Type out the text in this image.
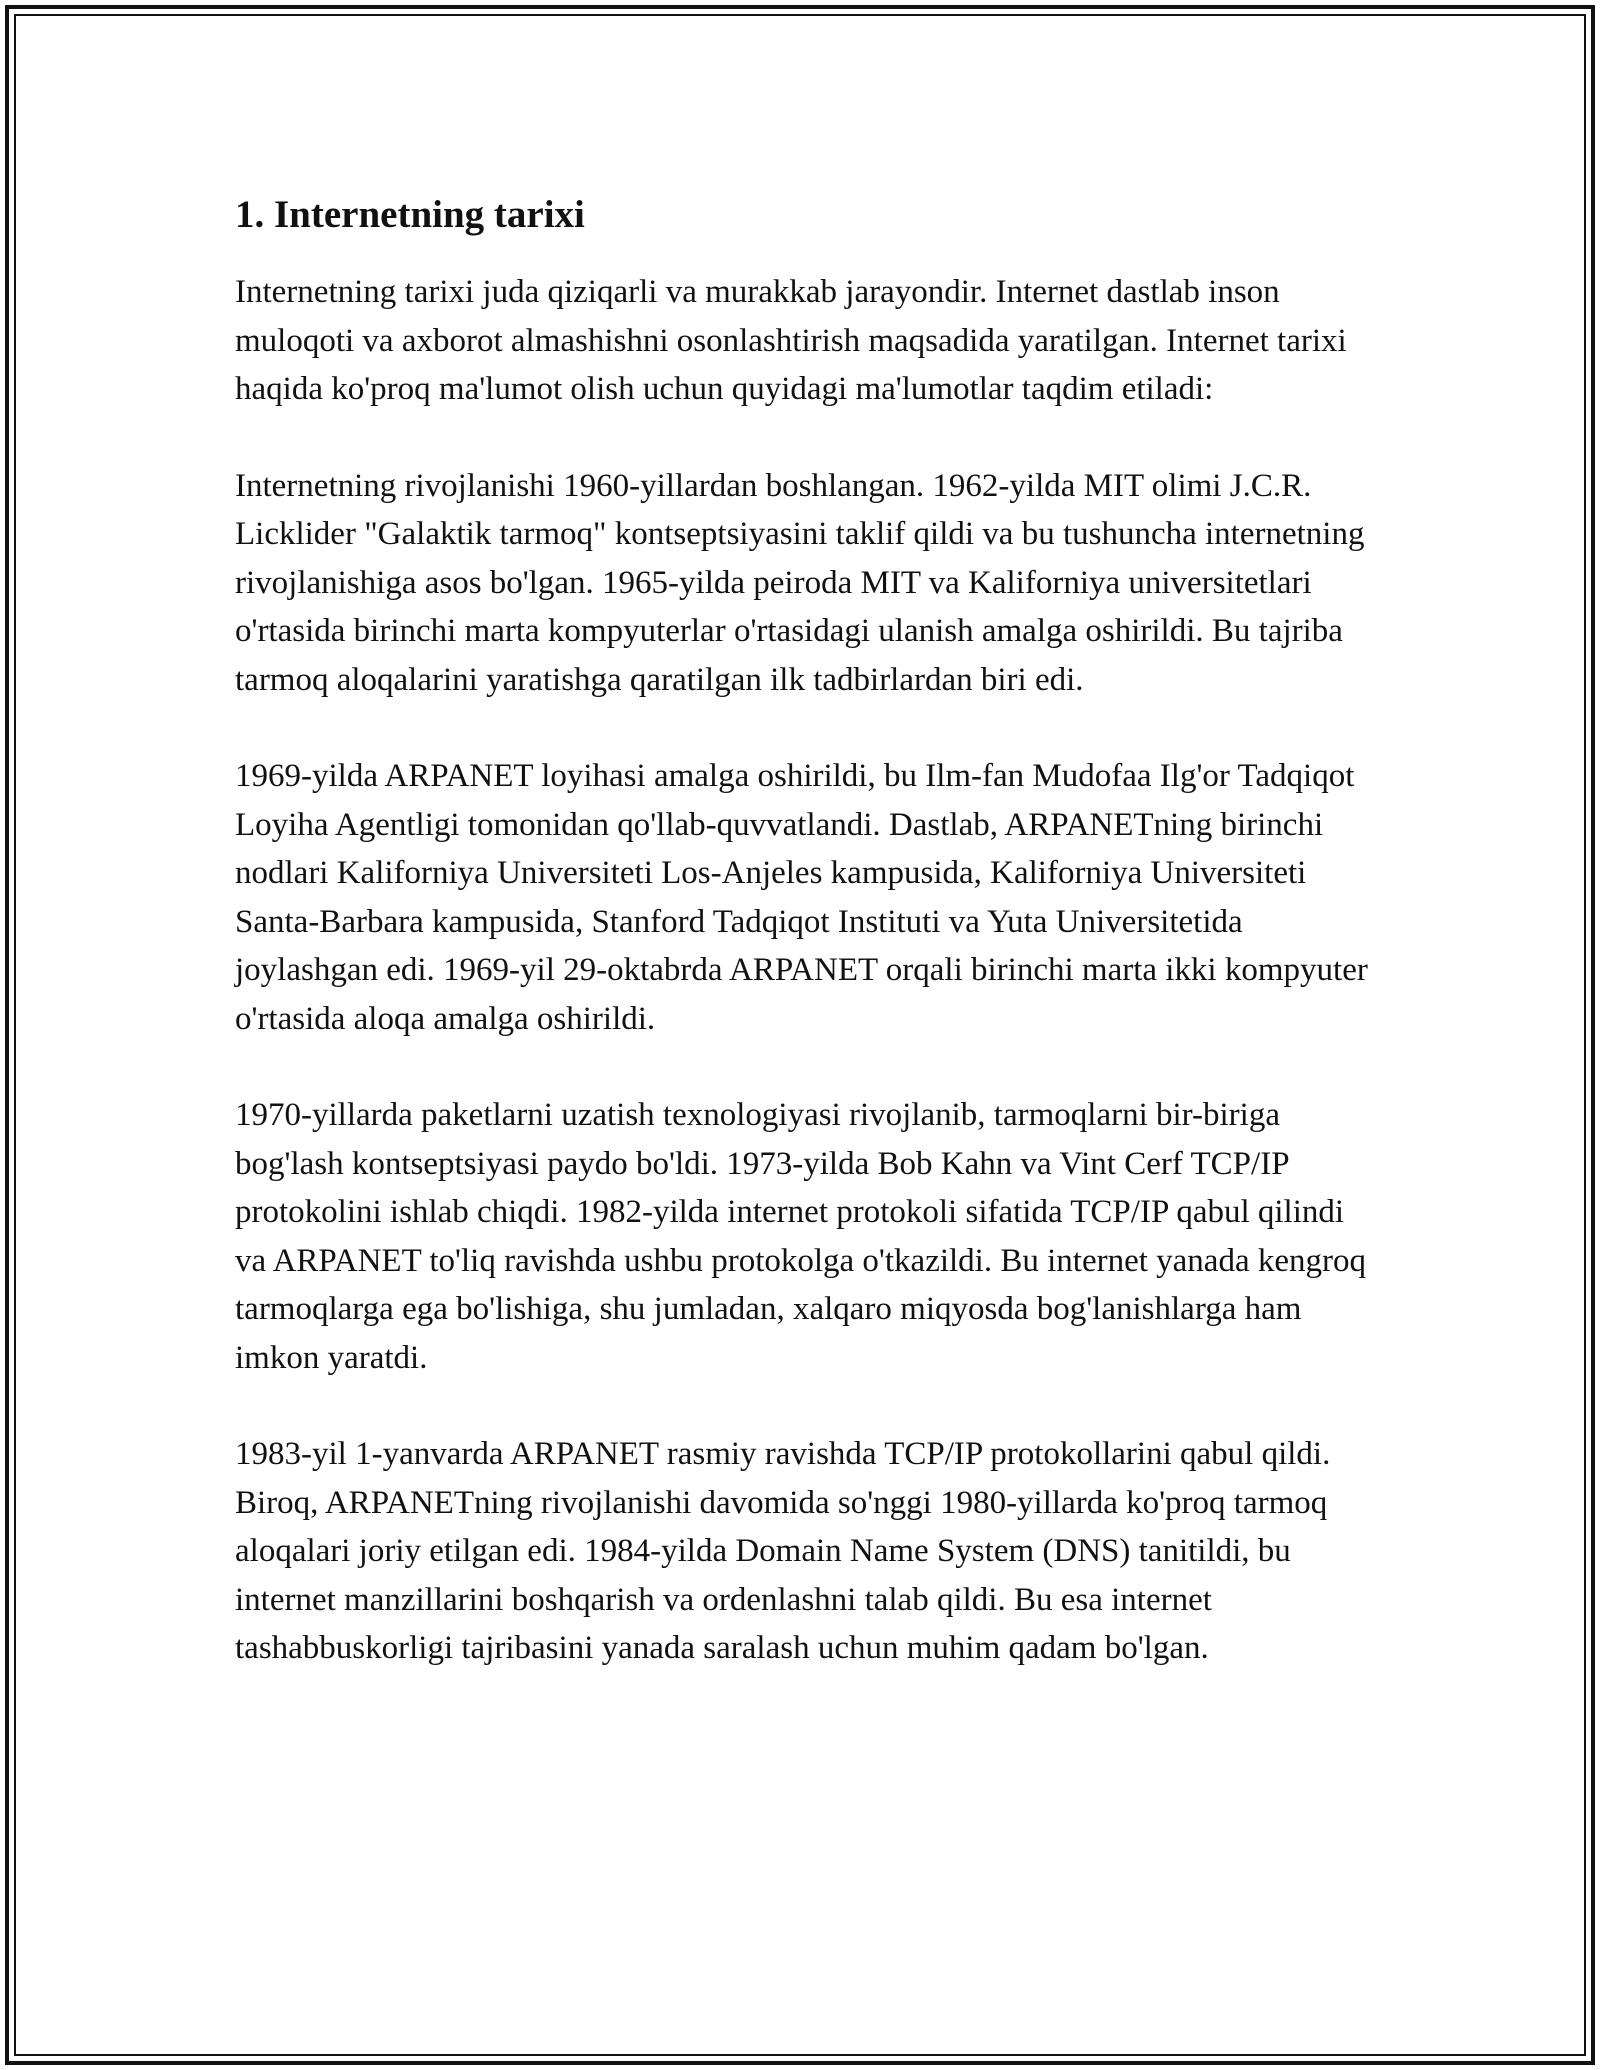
1. Internetning tarixi

Internetning tarixi juda qiziqarli va murakkab jarayondir. Internet dastlab inson muloqoti va axborot almashishni osonlashtirish maqsadida yaratilgan. Internet tarixi haqida ko'proq ma'lumot olish uchun quyidagi ma'lumotlar taqdim etiladi:

Internetning rivojlanishi 1960-yillardan boshlangan. 1962-yilda MIT olimi J.C.R. Licklider "Galaktik tarmoq" kontseptsiyasini taklif qildi va bu tushuncha internetning rivojlanishiga asos bo'lgan. 1965-yilda peiroda MIT va Kaliforniya universitetlari o'rtasida birinchi marta kompyuterlar o'rtasidagi ulanish amalga oshirildi. Bu tajriba tarmoq aloqalarini yaratishga qaratilgan ilk tadbirlardan biri edi.

1969-yilda ARPANET loyihasi amalga oshirildi, bu Ilm-fan Mudofaa Ilg'or Tadqiqot Loyiha Agentligi tomonidan qo'llab-quvvatlandi. Dastlab, ARPANETning birinchi nodlari Kaliforniya Universiteti Los-Anjeles kampusida, Kaliforniya Universiteti Santa-Barbara kampusida, Stanford Tadqiqot Instituti va Yuta Universitetida joylashgan edi. 1969-yil 29-oktabrda ARPANET orqali birinchi marta ikki kompyuter o'rtasida aloqa amalga oshirildi.

1970-yillarda paketlarni uzatish texnologiyasi rivojlanib, tarmoqlarni bir-biriga bog'lash kontseptsiyasi paydo bo'ldi. 1973-yilda Bob Kahn va Vint Cerf TCP/IP protokolini ishlab chiqdi. 1982-yilda internet protokoli sifatida TCP/IP qabul qilindi va ARPANET to'liq ravishda ushbu protokolga o'tkazildi. Bu internet yanada kengroq tarmoqlarga ega bo'lishiga, shu jumladan, xalqaro miqyosda bog'lanishlarga ham imkon yaratdi.

1983-yil 1-yanvarda ARPANET rasmiy ravishda TCP/IP protokollarini qabul qildi. Biroq, ARPANETning rivojlanishi davomida so'nggi 1980-yillarda ko'proq tarmoq aloqalari joriy etilgan edi. 1984-yilda Domain Name System (DNS) tanitildi, bu internet manzillarini boshqarish va ordenlashni talab qildi. Bu esa internet tashabbuskorligi tajribasini yanada saralash uchun muhim qadam bo'lgan.
